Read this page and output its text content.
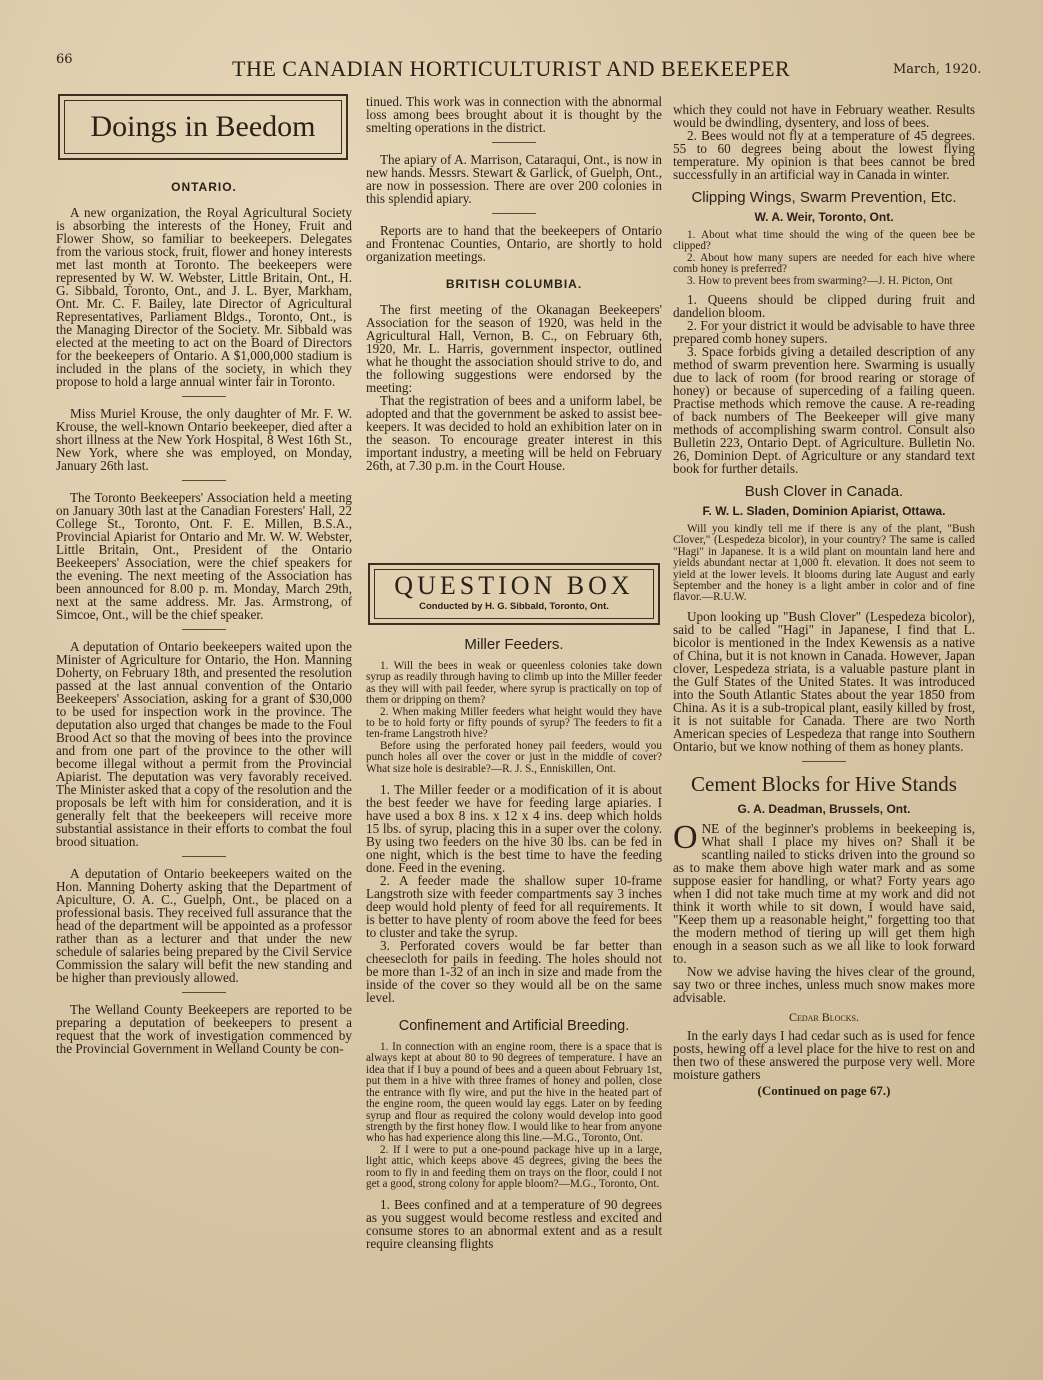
66	THE CANADIAN HORTICULTURIST AND BEEKEEPER	March, 1920.
Doings in Beedom
ONTARIO.

A new organization, the Royal Agricultural Society is absorbing the interests of the Honey, Fruit and Flower Show, so familiar to beekeepers. Delegates from the various stock, fruit, flower and honey interests met last month at Toronto. The beekeepers were represented by W. W. Webster, Little Britain, Ont., H. G. Sibbald, Toronto, Ont., and J. L. Byer, Markham, Ont. Mr. C. F. Bailey, late Director of Agricultural Representatives, Parliament Bldgs., Toronto, Ont., is the Managing Director of the Society. Mr. Sibbald was elected at the meeting to act on the Board of Directors for the beekeepers of Ontario. A $1,000,000 stadium is included in the plans of the society, in which they propose to hold a large annual winter fair in Toronto.

Miss Muriel Krouse, the only daughter of Mr. F. W. Krouse, the well-known Ontario beekeeper, died after a short illness at the New York Hospital, 8 West 16th St., New York, where she was employed, on Monday, January 26th last.

The Toronto Beekeepers' Association held a meeting on January 30th last at the Canadian Foresters' Hall, 22 College St., Toronto, Ont. F. E. Millen, B.S.A., Provincial Apiarist for Ontario and Mr. W. W. Webster, Little Britain, Ont., President of the Ontario Beekeepers' Association, were the chief speakers for the evening. The next meeting of the Association has been announced for 8.00 p. m. Monday, March 29th, next at the same address. Mr. Jas. Armstrong, of Simcoe, Ont., will be the chief speaker.

A deputation of Ontario beekeepers waited upon the Minister of Agriculture for Ontario, the Hon. Manning Doherty, on February 18th, and presented the resolution passed at the last annual convention of the Ontario Beekeepers' Association, asking for a grant of $30,000 to be used for inspection work in the province. The deputation also urged that changes be made to the Foul Brood Act so that the moving of bees into the province and from one part of the province to the other will become illegal without a permit from the Provincial Apiarist. The deputation was very favorably received. The Minister asked that a copy of the resolution and the proposals be left with him for consideration, and it is generally felt that the beekeepers will receive more substantial assistance in their efforts to combat the foul brood situation.

A deputation of Ontario beekeepers waited on the Hon. Manning Doherty asking that the Department of Apiculture, O. A. C., Guelph, Ont., be placed on a professional basis. They received full assurance that the head of the department will be appointed as a professor rather than as a lecturer and that under the new schedule of salaries being prepared by the Civil Service Commission the salary will befit the new standing and be higher than previously allowed.

The Welland County Beekeepers are reported to be preparing a deputation of beekeepers to present a request that the work of investigation commenced by the Provincial Government in Welland County be con-

tinued. This work was in connection with the abnormal loss among bees brought about it is thought by the smelting operations in the district.

The apiary of A. Marrison, Cataraqui, Ont., is now in new hands. Messrs. Stewart & Garlick, of Guelph, Ont., are now in possession. There are over 200 colonies in this splendid apiary.

Reports are to hand that the beekeepers of Ontario and Frontenac Counties, Ontario, are shortly to hold organization meetings.

BRITISH COLUMBIA.

The first meeting of the Okanagan Beekeepers' Association for the season of 1920, was held in the Agricultural Hall, Vernon, B. C., on February 6th, 1920, Mr. L. Harris, government inspector, outlined what he thought the association should strive to do, and the following suggestions were endorsed by the meeting:

That the registration of bees and a uniform label, be adopted and that the government be asked to assist bee-keepers. It was decided to hold an exhibition later on in the season. To encourage greater interest in this important industry, a meeting will be held on February 26th, at 7.30 p.m. in the Court House.

QUESTION BOX
Conducted by H. G. Sibbald, Toronto, Ont.
Miller Feeders.

1. Will the bees in weak or queenless colonies take down syrup as readily through having to climb up into the Miller feeder as they will with pail feeder, where syrup is practically on top of them or dripping on them?

2. When making Miller feeders what height would they have to be to hold forty or fifty pounds of syrup? The feeders to fit a ten-frame Langstroth hive?

Before using the perforated honey pail feeders, would you punch holes all over the cover or just in the middle of cover? What size hole is desirable?—R. J. S., Enniskillen, Ont.

1. The Miller feeder or a modification of it is about the best feeder we have for feeding large apiaries. I have used a box 8 ins. x 12 x 4 ins. deep which holds 15 lbs. of syrup, placing this in a super over the colony. By using two feeders on the hive 30 lbs. can be fed in one night, which is the best time to have the feeding done. Feed in the evening.

2. A feeder made the shallow super 10-frame Langstroth size with feeder compartments say 3 inches deep would hold plenty of feed for all requirements. It is better to have plenty of room above the feed for bees to cluster and take the syrup.

3. Perforated covers would be far better than cheesecloth for pails in feeding. The holes should not be more than 1-32 of an inch in size and made from the inside of the cover so they would all be on the same level.

Confinement and Artificial Breeding.

1. In connection with an engine room, there is a space that is always kept at about 80 to 90 degrees of temperature. I have an idea that if I buy a pound of bees and a queen about February 1st, put them in a hive with three frames of honey and pollen, close the entrance with fly wire, and put the hive in the heated part of the engine room, the queen would lay eggs. Later on by feeding syrup and flour as required the colony would develop into good strength by the first honey flow. I would like to hear from anyone who has had experience along this line.—M.G., Toronto, Ont.

2. If I were to put a one-pound package hive up in a large, light attic, which keeps above 45 degrees, giving the bees the room to fly in and feeding them on trays on the floor, could I not get a good, strong colony for apple bloom?—M.G., Toronto, Ont.

1. Bees confined and at a temperature of 90 degrees as you suggest would become restless and excited and consume stores to an abnormal extent and as a result require cleansing flights

which they could not have in February weather. Results would be dwindling, dysentery, and loss of bees.

2. Bees would not fly at a temperature of 45 degrees. 55 to 60 degrees being about the lowest flying temperature. My opinion is that bees cannot be bred successfully in an artificial way in Canada in winter.

Clipping Wings, Swarm Prevention, Etc.
W. A. Weir, Toronto, Ont.

1. About what time should the wing of the queen bee be clipped?

2. About how many supers are needed for each hive where comb honey is preferred?

3. How to prevent bees from swarming?—J. H. Picton, Ont

1. Queens should be clipped during fruit and dandelion bloom.

2. For your district it would be advisable to have three prepared comb honey supers.

3. Space forbids giving a detailed description of any method of swarm prevention here. Swarming is usually due to lack of room (for brood rearing or storage of honey) or because of superceding of a failing queen. Practise methods which remove the cause. A re-reading of back numbers of The Beekeeper will give many methods of accomplishing swarm control. Consult also Bulletin 223, Ontario Dept. of Agriculture. Bulletin No. 26, Dominion Dept. of Agriculture or any standard text book for further details.

Bush Clover in Canada.
F. W. L. Sladen, Dominion Apiarist, Ottawa.

Will you kindly tell me if there is any of the plant, "Bush Clover," (Lespedeza bicolor), in your country? The same is called "Hagi" in Japanese. It is a wild plant on mountain land here and yields abundant nectar at 1,000 ft. elevation. It does not seem to yield at the lower levels. It blooms during late August and early September and the honey is a light amber in color and of fine flavor.—R.U.W.

Upon looking up "Bush Clover" (Lespedeza bicolor), said to be called "Hagi" in Japanese, I find that L. bicolor is mentioned in the Index Kewensis as a native of China, but it is not known in Canada. However, Japan clover, Lespedeza striata, is a valuable pasture plant in the Gulf States of the United States. It was introduced into the South Atlantic States about the year 1850 from China. As it is a sub-tropical plant, easily killed by frost, it is not suitable for Canada. There are two North American species of Lespedeza that range into Southern Ontario, but we know nothing of them as honey plants.

Cement Blocks for Hive Stands
G. A. Deadman, Brussels, Ont.

ONE of the beginner's problems in beekeeping is, What shall I place my hives on? Shall it be scantling nailed to sticks driven into the ground so as to make them above high water mark and as some suppose easier for handling, or what? Forty years ago when I did not take much time at my work and did not think it worth while to sit down, I would have said, "Keep them up a reasonable height," forgetting too that the modern method of tiering up will get them high enough in a season such as we all like to look forward to.

Now we advise having the hives clear of the ground, say two or three inches, unless much snow makes more advisable.

Cedar Blocks.

In the early days I had cedar such as is used for fence posts, hewing off a level place for the hive to rest on and then two of these answered the purpose very well. More moisture gathers

(Continued on page 67.)
